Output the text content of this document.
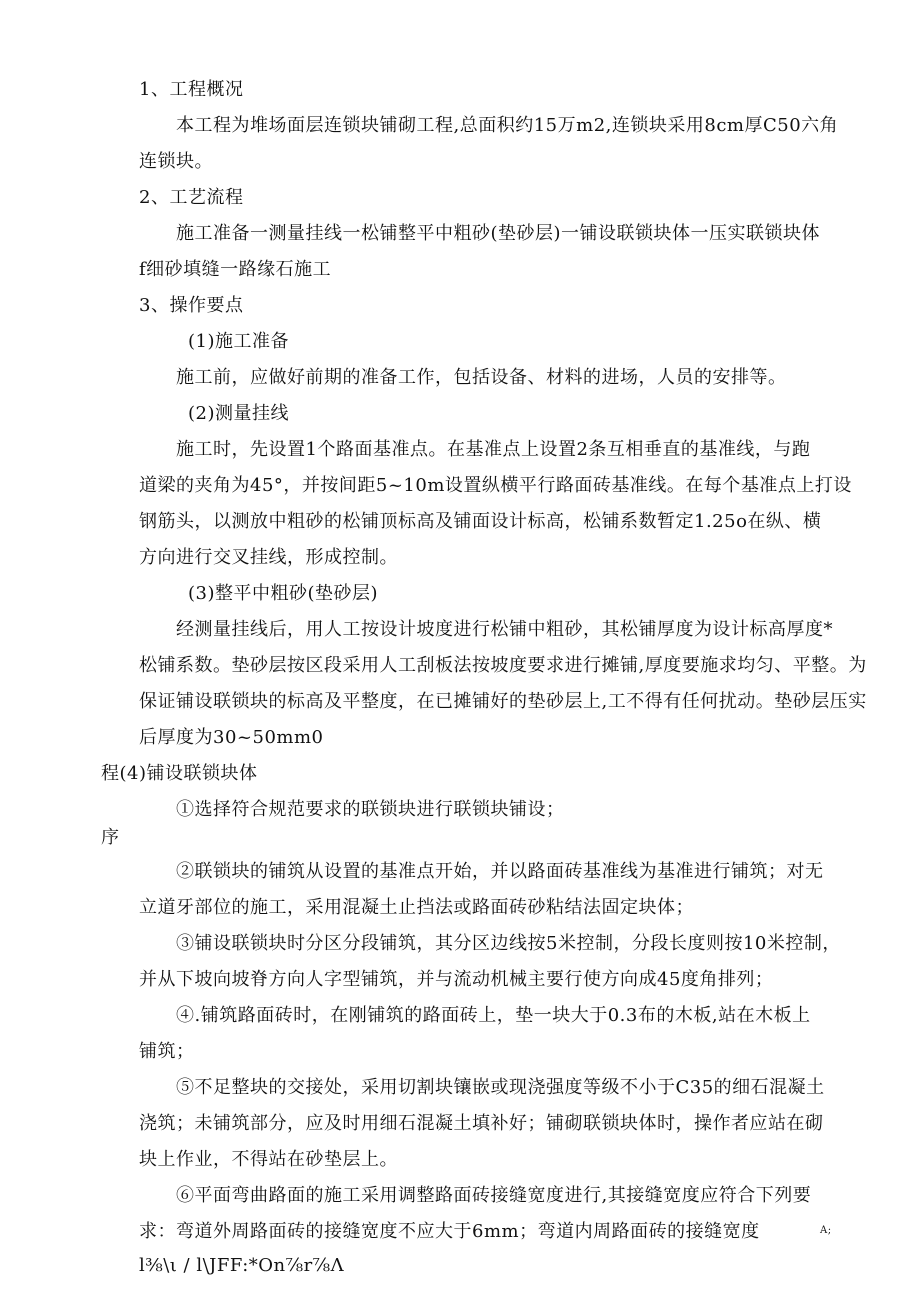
1、工程概况
本工程为堆场面层连锁块铺砌工程,总面积约15万m2,连锁块采用8cm厚C50六角
连锁块。
2、工艺流程
施工准备一测量挂线一松铺整平中粗砂(垫砂层)一铺设联锁块体一压实联锁块体
f细砂填缝一路缘石施工
3、操作要点
(1)施工准备
施工前，应做好前期的准备工作，包括设备、材料的进场，人员的安排等。
(2)测量挂线
施工时，先设置1个路面基准点。在基准点上设置2条互相垂直的基准线，与跑
道梁的夹角为45°，并按间距5~10m设置纵横平行路面砖基准线。在每个基准点上打设
钢筋头，以测放中粗砂的松铺顶标高及铺面设计标高，松铺系数暂定1.25o在纵、横
方向进行交叉挂线，形成控制。
(3)整平中粗砂(垫砂层)
经测量挂线后，用人工按设计坡度进行松铺中粗砂，其松铺厚度为设计标高厚度*
松铺系数。垫砂层按区段采用人工刮板法按坡度要求进行摊铺,厚度要施求均匀、平整。为
保证铺设联锁块的标高及平整度，在已摊铺好的垫砂层上,工不得有任何扰动。垫砂层压实
后厚度为30~50mm0
程(4)铺设联锁块体
①选择符合规范要求的联锁块进行联锁块铺设；
序
②联锁块的铺筑从设置的基准点开始，并以路面砖基准线为基准进行铺筑；对无
立道牙部位的施工，采用混凝土止挡法或路面砖砂粘结法固定块体；
③铺设联锁块时分区分段铺筑，其分区边线按5米控制，分段长度则按10米控制，
并从下坡向坡脊方向人字型铺筑，并与流动机械主要行使方向成45度角排列；
④.铺筑路面砖时，在刚铺筑的路面砖上，垫一块大于0.3布的木板,站在木板上
铺筑；
⑤不足整块的交接处，采用切割块镶嵌或现浇强度等级不小于C35的细石混凝土
浇筑；未铺筑部分，应及时用细石混凝土填补好；铺砌联锁块体时，操作者应站在砌
块上作业，不得站在砂垫层上。
⑥平面弯曲路面的施工采用调整路面砖接缝宽度进行,其接缝宽度应符合下列要
求：弯道外周路面砖的接缝宽度不应大于6mm；弯道内周路面砖的接缝宽度	A;
l⅜\ι / l\JFF:*On⅞r⅞Λ
